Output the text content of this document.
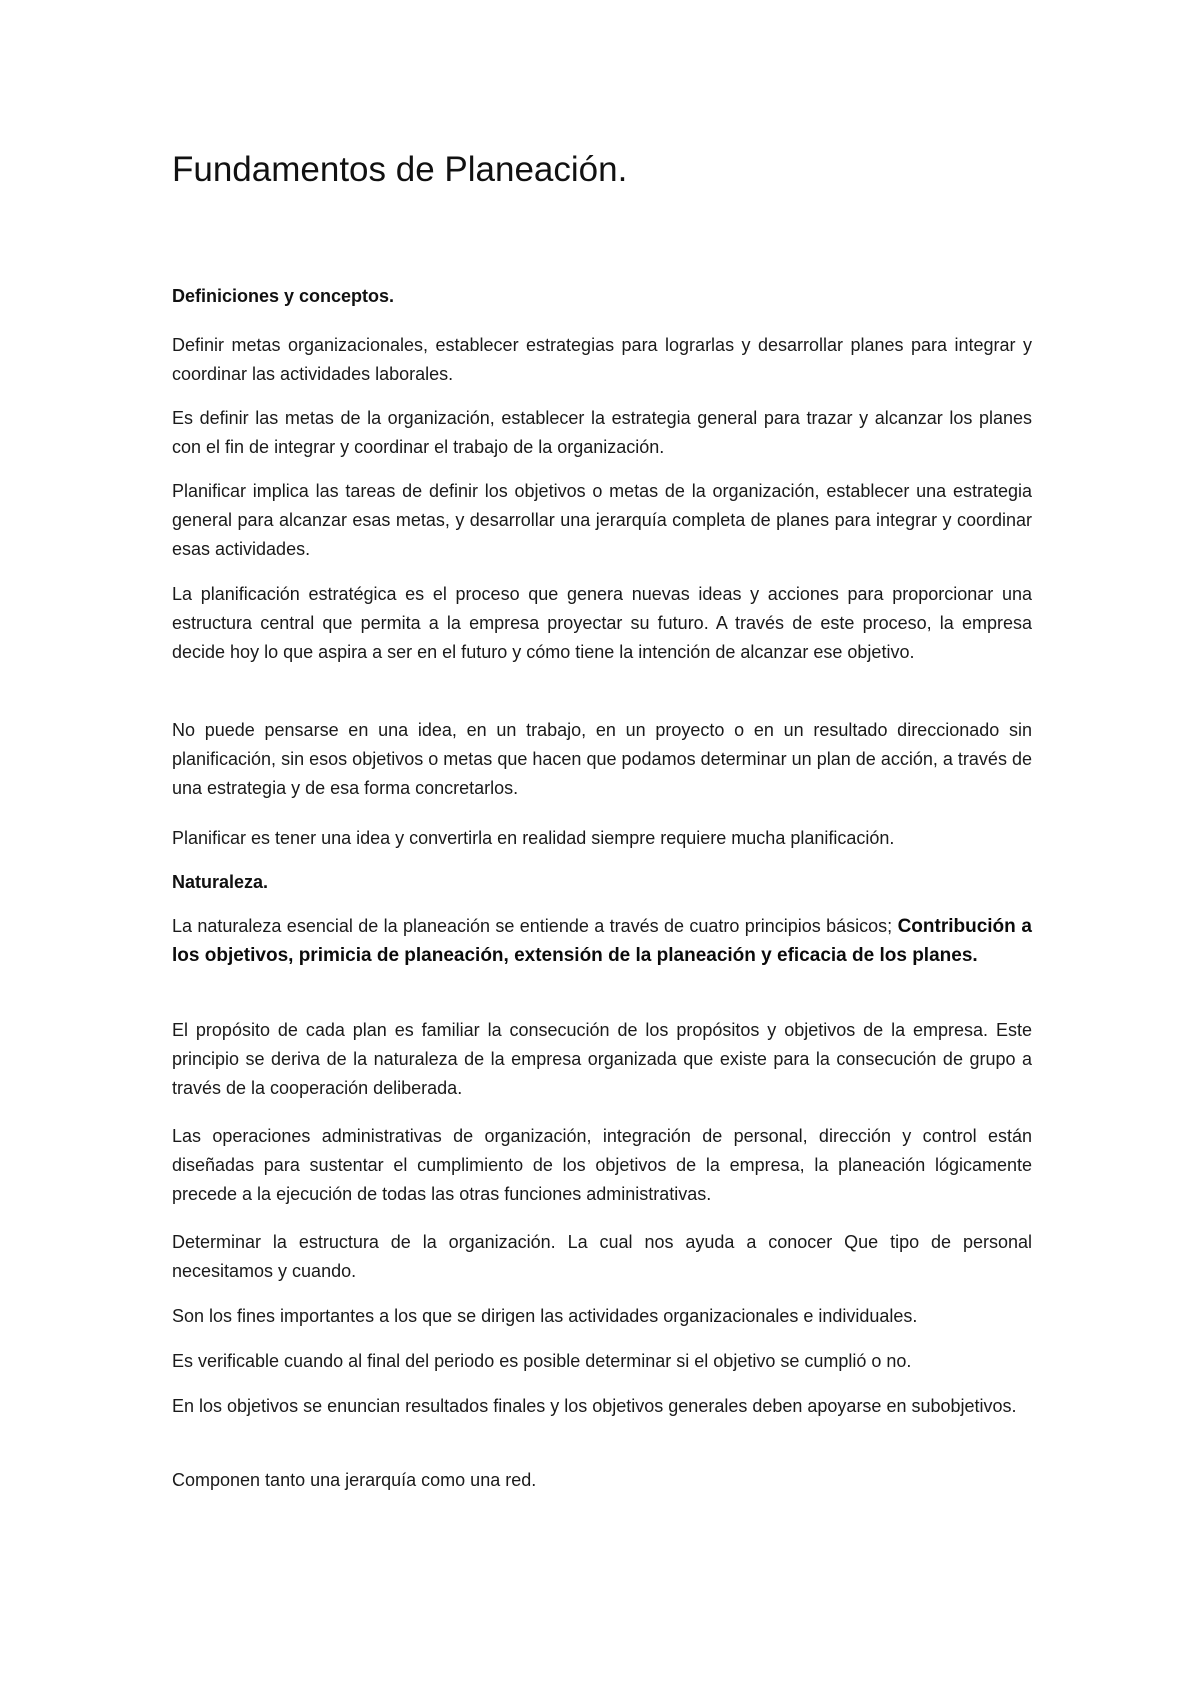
Fundamentos de Planeación.
Definiciones y conceptos.

Definir metas organizacionales, establecer estrategias para lograrlas y desarrollar planes para integrar y coordinar las actividades laborales.

Es definir las metas de la organización, establecer la estrategia general para trazar y alcanzar los planes con el fin de integrar y coordinar el trabajo de la organización.

Planificar implica las tareas de definir los objetivos o metas de la organización, establecer una estrategia general para alcanzar esas metas, y desarrollar una jerarquía completa de planes para integrar y coordinar esas actividades.

La planificación estratégica es el proceso que genera nuevas ideas y acciones para proporcionar una estructura central que permita a la empresa proyectar su futuro. A través de este proceso, la empresa decide hoy lo que aspira a ser en el futuro y cómo tiene la intención de alcanzar ese objetivo.

No puede pensarse en una idea, en un trabajo, en un proyecto o en un resultado direccionado sin planificación, sin esos objetivos o metas que hacen que podamos determinar un plan de acción, a través de una estrategia y de esa forma concretarlos.

Planificar es tener una idea y convertirla en realidad siempre requiere mucha planificación.

Naturaleza.

La naturaleza esencial de la planeación se entiende a través de cuatro principios básicos; Contribución a los objetivos, primicia de planeación, extensión de la planeación y eficacia de los planes.

El propósito de cada plan es familiar la consecución de los propósitos y objetivos de la empresa. Este principio se deriva de la naturaleza de la empresa organizada que existe para la consecución de grupo a través de la cooperación deliberada.

Las operaciones administrativas de organización, integración de personal, dirección y control están diseñadas para sustentar el cumplimiento de los objetivos de la empresa, la planeación lógicamente precede a la ejecución de todas las otras funciones administrativas.

Determinar la estructura de la organización. La cual nos ayuda a conocer Que tipo de personal necesitamos y cuando.

Son los fines importantes a los que se dirigen las actividades organizacionales e individuales.

Es verificable cuando al final del periodo es posible determinar si el objetivo se cumplió o no.

En los objetivos se enuncian resultados finales y los objetivos generales deben apoyarse en subobjetivos.

Componen tanto una jerarquía como una red.
